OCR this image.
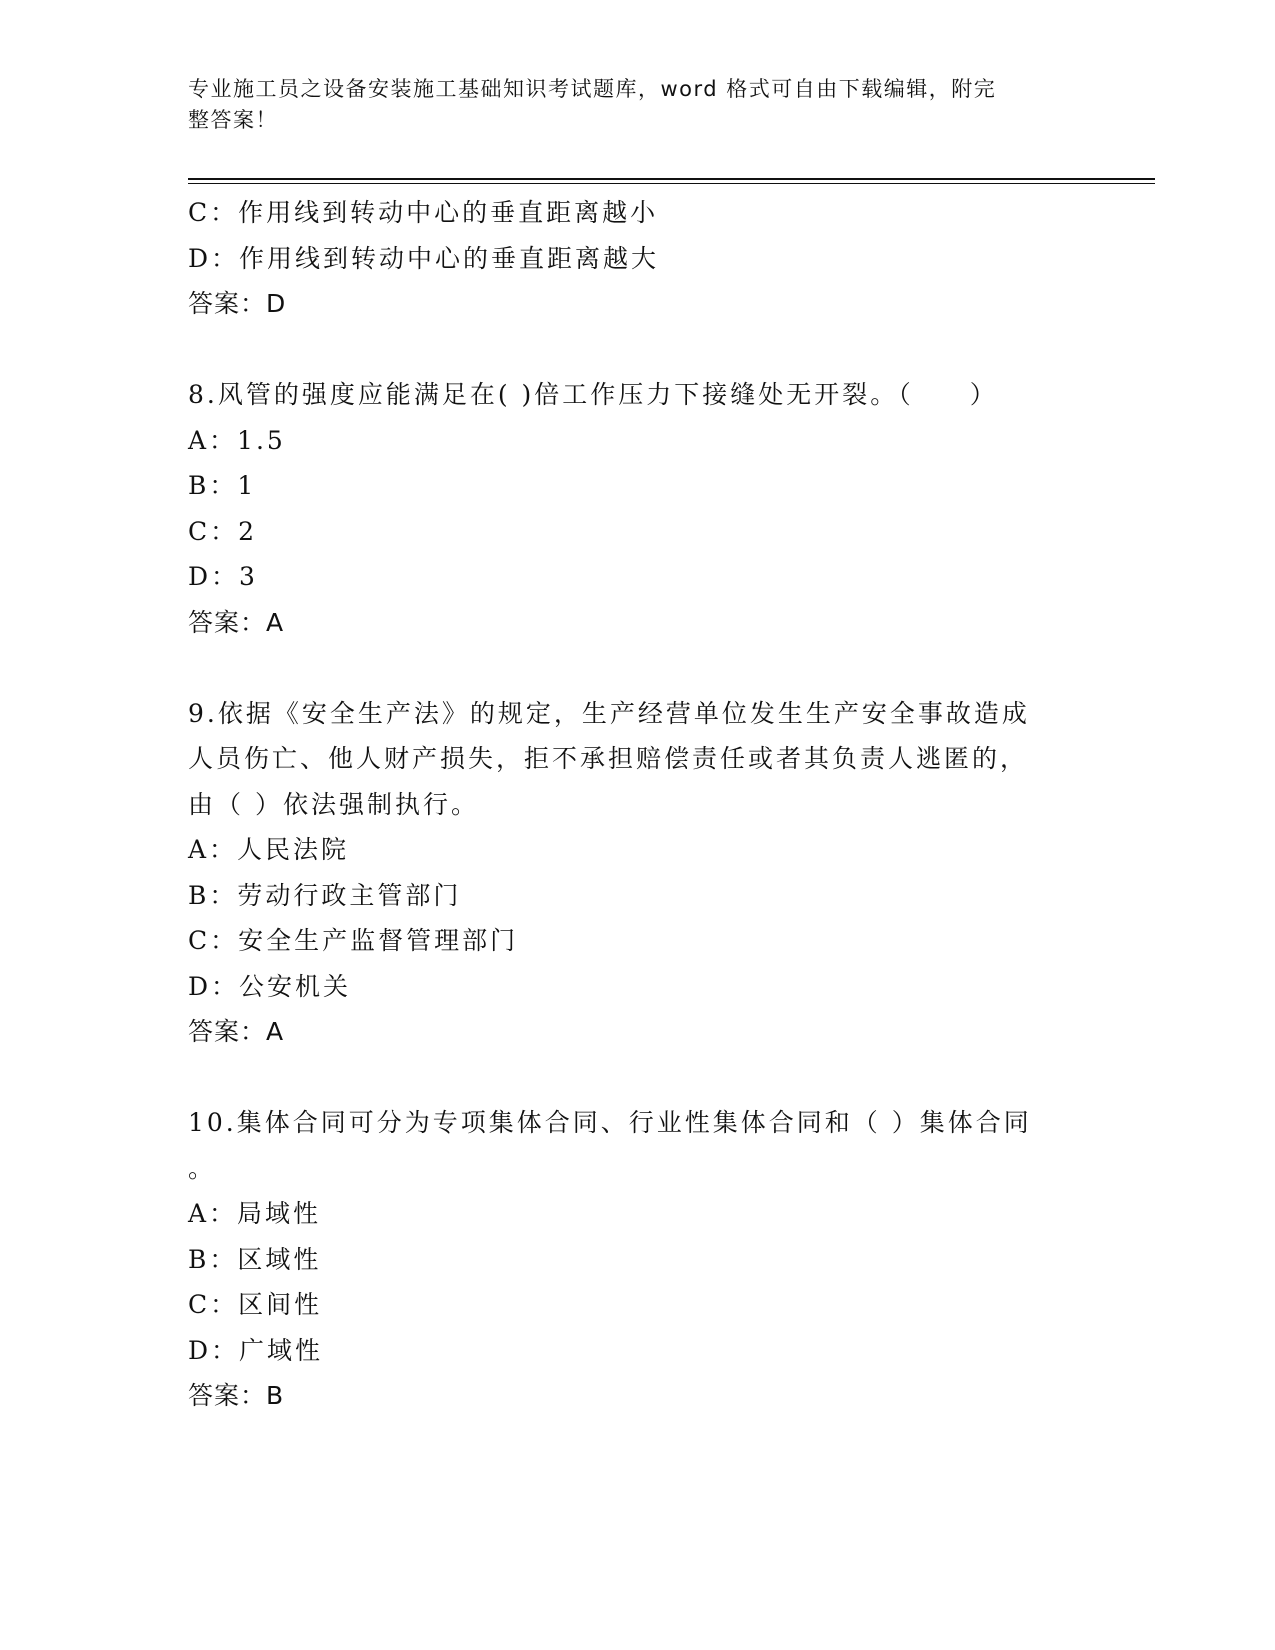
专业施工员之设备安装施工基础知识考试题库，word 格式可自由下载编辑，附完
整答案！
C：作用线到转动中心的垂直距离越小
D：作用线到转动中心的垂直距离越大
答案：D
8.风管的强度应能满足在( )倍工作压力下接缝处无开裂。（　　）
A：1.5
B：1
C：2
D：3
答案：A
9.依据《安全生产法》的规定，生产经营单位发生生产安全事故造成
人员伤亡、他人财产损失，拒不承担赔偿责任或者其负责人逃匿的，
由（ ）依法强制执行。
A：人民法院
B：劳动行政主管部门
C：安全生产监督管理部门
D：公安机关
答案：A
10.集体合同可分为专项集体合同、行业性集体合同和（ ）集体合同
。
A：局域性
B：区域性
C：区间性
D：广域性
答案：B
